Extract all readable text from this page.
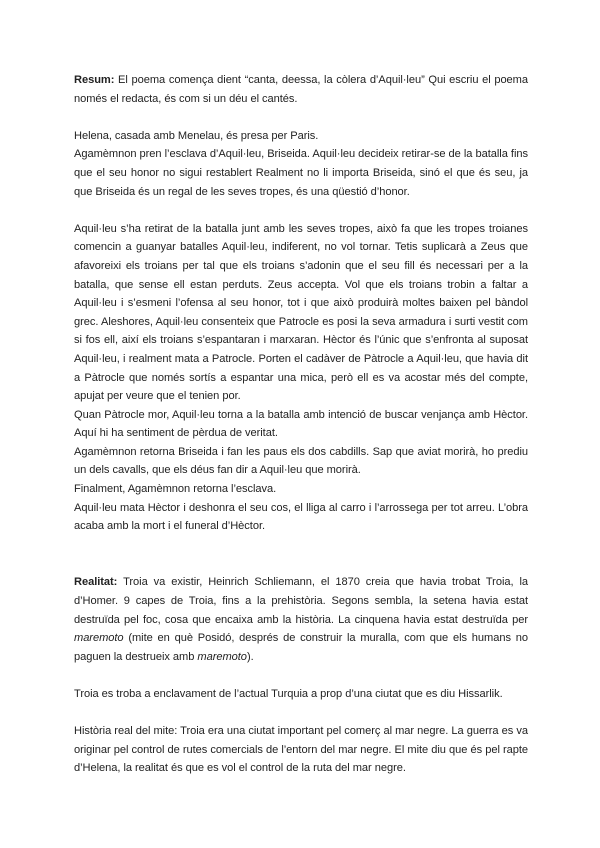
Resum: El poema comença dient “canta, deessa, la còlera d’Aquil·leu” Qui escriu el poema només el redacta, és com si un déu el cantés.

Helena, casada amb Menelau, és presa per Paris.

Agamèmnon pren l’esclava d’Aquil·leu, Briseida. Aquil·leu decideix retirar-se de la batalla fins que el seu honor no sigui restablert Realment no li importa Briseida, sinó el que és seu, ja que Briseida és un regal de les seves tropes, és una qüestió d’honor.

Aquil·leu s’ha retirat de la batalla junt amb les seves tropes, això fa que les tropes troianes comencin a guanyar batalles Aquil·leu, indiferent, no vol tornar. Tetis suplicarà a Zeus que afavoreixi els troians per tal que els troians s’adonin que el seu fill és necessari per a la batalla, que sense ell estan perduts. Zeus accepta. Vol que els troians trobin a faltar a Aquil·leu i s’esmeni l’ofensa al seu honor, tot i que això produirà moltes baixen pel bàndol grec. Aleshores, Aquil·leu consenteix que Patrocle es posi la seva armadura i surti vestit com si fos ell, així els troians s’espantaran i marxaran. Hèctor és l’únic que s’enfronta al suposat Aquil·leu, i realment mata a Patrocle. Porten el cadàver de Pàtrocle a Aquil·leu, que havia dit a Pàtrocle que només sortís a espantar una mica, però ell es va acostar més del compte, apujat per veure que el tenien por.

Quan Pàtrocle mor, Aquil·leu torna a la batalla amb intenció de buscar venjança amb Hèctor. Aquí hi ha sentiment de pèrdua de veritat.

Agamèmnon retorna Briseida i fan les paus els dos cabdills. Sap que aviat morirà, ho prediu un dels cavalls, que els déus fan dir a Aquil·leu que morirà.

Finalment, Agamèmnon retorna l’esclava.

Aquil·leu mata Hèctor i deshonra el seu cos, el lliga al carro i l’arrossega per tot arreu. L’obra acaba amb la mort i el funeral d’Hèctor.

Realitat: Troia va existir, Heinrich Schliemann, el 1870 creia que havia trobat Troia, la d’Homer. 9 capes de Troia, fins a la prehistòria. Segons sembla, la setena havia estat destruïda pel foc, cosa que encaixa amb la història. La cinquena havia estat destruïda per maremoto (mite en què Posidó, després de construir la muralla, com que els humans no paguen la destrueix amb maremoto).

Troia es troba a enclavament de l’actual Turquia a prop d’una ciutat que es diu Hissarlik.

Història real del mite: Troia era una ciutat important pel comerç al mar negre. La guerra es va originar pel control de rutes comercials de l’entorn del mar negre. El mite diu que és pel rapte d’Helena, la realitat és que es vol el control de la ruta del mar negre.
